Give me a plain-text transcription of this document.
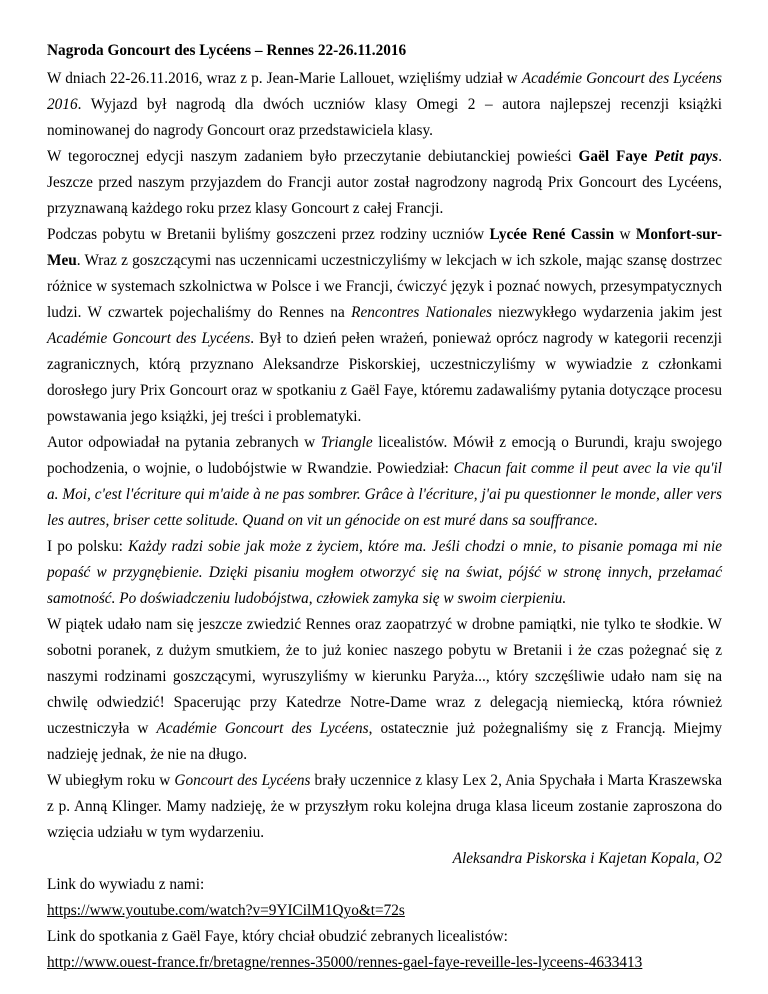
Nagroda Goncourt des Lycéens – Rennes 22-26.11.2016

W dniach 22-26.11.2016, wraz z p. Jean-Marie Lallouet, wzięliśmy udział w Académie Goncourt des Lycéens 2016. Wyjazd był nagrodą dla dwóch uczniów klasy Omegi 2 – autora najlepszej recenzji książki nominowanej do nagrody Goncourt oraz przedstawiciela klasy.

W tegorocznej edycji naszym zadaniem było przeczytanie debiutanckiej powieści Gaël Faye Petit pays. Jeszcze przed naszym przyjazdem do Francji autor został nagrodzony nagrodą Prix Goncourt des Lycéens, przyznawaną każdego roku przez klasy Goncourt z całej Francji.

Podczas pobytu w Bretanii byliśmy goszczeni przez rodziny uczniów Lycée René Cassin w Monfort-sur-Meu. Wraz z goszczącymi nas uczennicami uczestniczyliśmy w lekcjach w ich szkole, mając szansę dostrzec różnice w systemach szkolnictwa w Polsce i we Francji, ćwiczyć język i poznać nowych, przesympatycznych ludzi. W czwartek pojechaliśmy do Rennes na Rencontres Nationales niezwykłego wydarzenia jakim jest Académie Goncourt des Lycéens. Był to dzień pełen wrażeń, ponieważ oprócz nagrody w kategorii recenzji zagranicznych, którą przyznano Aleksandrze Piskorskiej, uczestniczyliśmy w wywiadzie z członkami dorosłego jury Prix Goncourt oraz w spotkaniu z Gaël Faye, któremu zadawaliśmy pytania dotyczące procesu powstawania jego książki, jej treści i problematyki.

Autor odpowiadał na pytania zebranych w Triangle licealistów. Mówił z emocją o Burundi, kraju swojego pochodzenia, o wojnie, o ludobójstwie w Rwandzie. Powiedział: Chacun fait comme il peut avec la vie qu'il a. Moi, c'est l'écriture qui m'aide à ne pas sombrer. Grâce à l'écriture, j'ai pu questionner le monde, aller vers les autres, briser cette solitude. Quand on vit un génocide on est muré dans sa souffrance.

I po polsku: Każdy radzi sobie jak może z życiem, które ma. Jeśli chodzi o mnie, to pisanie pomaga mi nie popaść w przygnębienie. Dzięki pisaniu mogłem otworzyć się na świat, pójść w stronę innych, przełamać samotność. Po doświadczeniu ludobójstwa, człowiek zamyka się w swoim cierpieniu.

W piątek udało nam się jeszcze zwiedzić Rennes oraz zaopatrzyć w drobne pamiątki, nie tylko te słodkie. W sobotni poranek, z dużym smutkiem, że to już koniec naszego pobytu w Bretanii i że czas pożegnać się z naszymi rodzinami goszczącymi, wyruszyliśmy w kierunku Paryża..., który szczęśliwie udało nam się na chwilę odwiedzić! Spacerując przy Katedrze Notre-Dame wraz z delegacją niemiecką, która również uczestniczyła w Académie Goncourt des Lycéens, ostatecznie już pożegnaliśmy się z Francją. Miejmy nadzieję jednak, że nie na długo.

W ubiegłym roku w Goncourt des Lycéens brały uczennice z klasy Lex 2, Ania Spychała i Marta Kraszewska z p. Anną Klinger. Mamy nadzieję, że w przyszłym roku kolejna druga klasa liceum zostanie zaproszona do wzięcia udziału w tym wydarzeniu.

Aleksandra Piskorska i Kajetan Kopala, O2

Link do wywiadu z nami:

https://www.youtube.com/watch?v=9YICilM1Qyo&t=72s

Link do spotkania z Gaël Faye, który chciał obudzić zebranych licealistów:

http://www.ouest-france.fr/bretagne/rennes-35000/rennes-gael-faye-reveille-les-lyceens-4633413
